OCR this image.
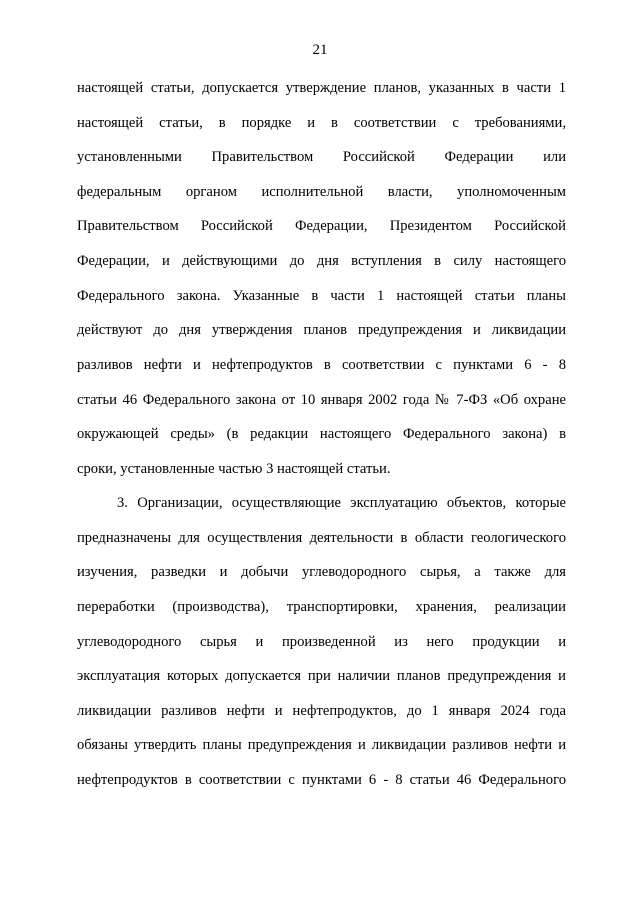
21
настоящей статьи, допускается утверждение планов, указанных в части 1
настоящей статьи, в порядке и в соответствии с требованиями,
установленными Правительством Российской Федерации или
федеральным органом исполнительной власти, уполномоченным
Правительством Российской Федерации, Президентом Российской
Федерации, и действующими до дня вступления в силу настоящего
Федерального закона. Указанные в части 1 настоящей статьи планы
действуют до дня утверждения планов предупреждения и ликвидации
разливов нефти и нефтепродуктов в соответствии с пунктами 6 - 8
статьи 46 Федерального закона от 10 января 2002 года № 7-ФЗ «Об охране
окружающей среды» (в редакции настоящего Федерального закона) в
сроки, установленные частью 3 настоящей статьи.
3. Организации, осуществляющие эксплуатацию объектов, которые
предназначены для осуществления деятельности в области геологического
изучения, разведки и добычи углеводородного сырья, а также для
переработки (производства), транспортировки, хранения, реализации
углеводородного сырья и произведенной из него продукции и
эксплуатация которых допускается при наличии планов предупреждения и
ликвидации разливов нефти и нефтепродуктов, до 1 января 2024 года
обязаны утвердить планы предупреждения и ликвидации разливов нефти и
нефтепродуктов в соответствии с пунктами 6 - 8 статьи 46 Федерального
